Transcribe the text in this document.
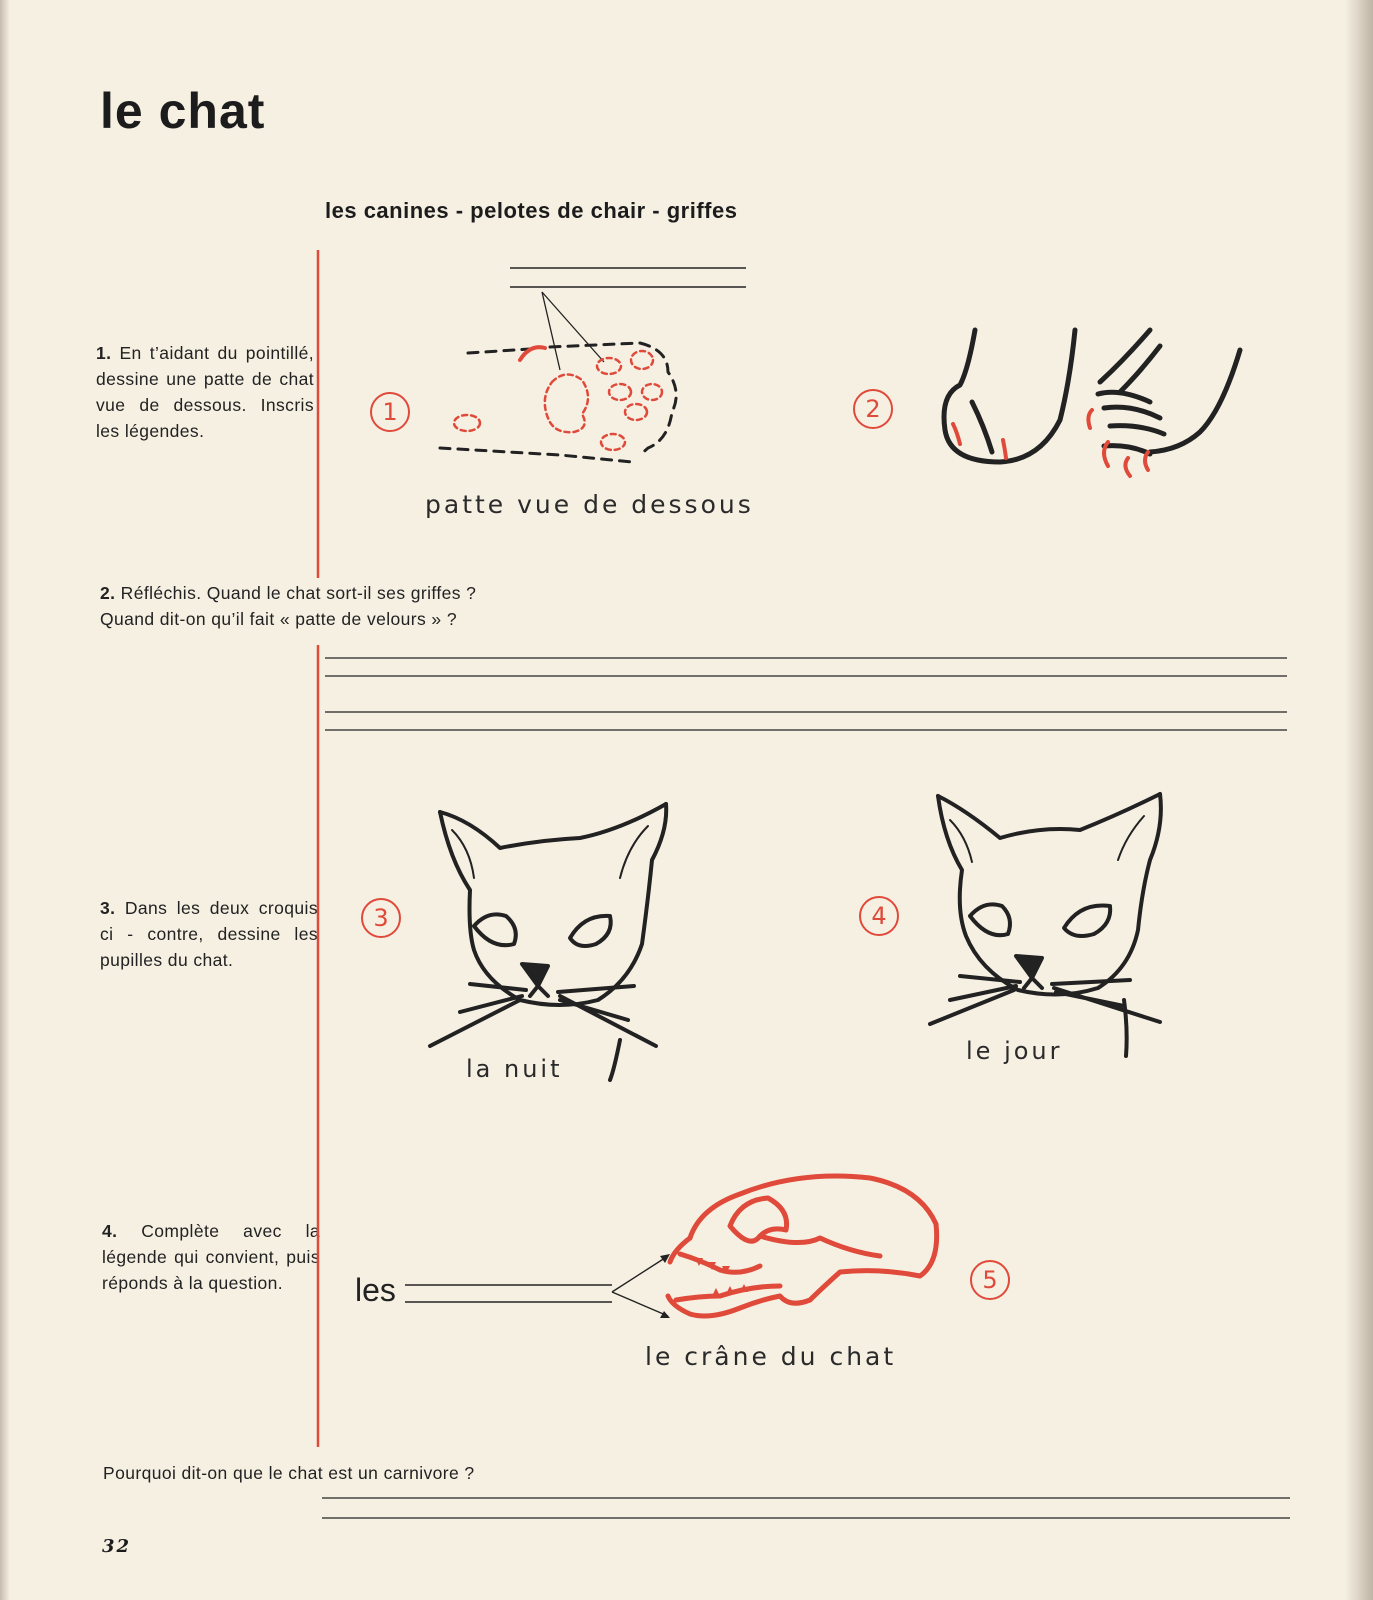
le chat
les canines - pelotes de chair - griffes
1. En t’aidant du pointillé, dessine une patte de chat vue de dessous. Inscris les légendes.
2. Réfléchis. Quand le chat sort-il ses griffes ?
Quand dit-on qu’il fait « patte de velours » ?
3. Dans les deux croquis ci - contre, dessine les pupilles du chat.
4. Complète avec la légende qui convient, puis réponds à la question.
Pourquoi dit-on que le chat est un carnivore ?
1	2
3	4
5
patte vue de dessous
la nuit
le jour
le crâne du chat
les
32
